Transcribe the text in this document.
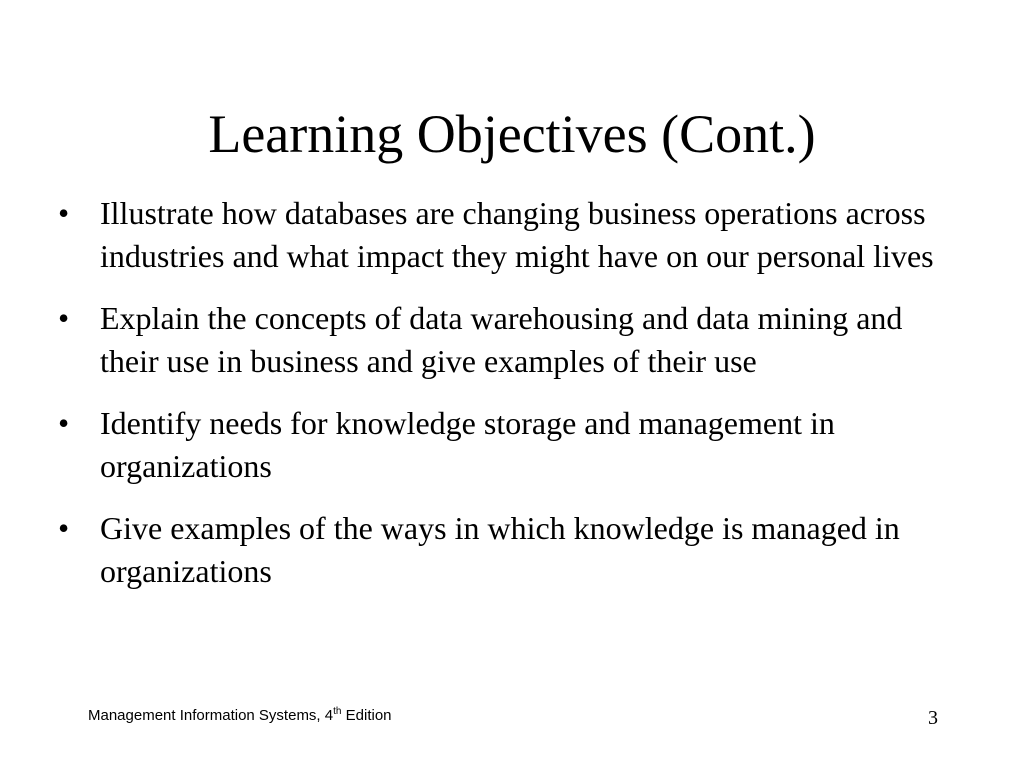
Learning Objectives (Cont.)
• Illustrate how databases are changing business operations across industries and what impact they might have on our personal lives
• Explain the concepts of data warehousing and data mining and their use in business and give examples of their use
• Identify needs for knowledge storage and management in organizations
• Give examples of the ways in which knowledge is managed in organizations
Management Information Systems, 4th Edition	3
